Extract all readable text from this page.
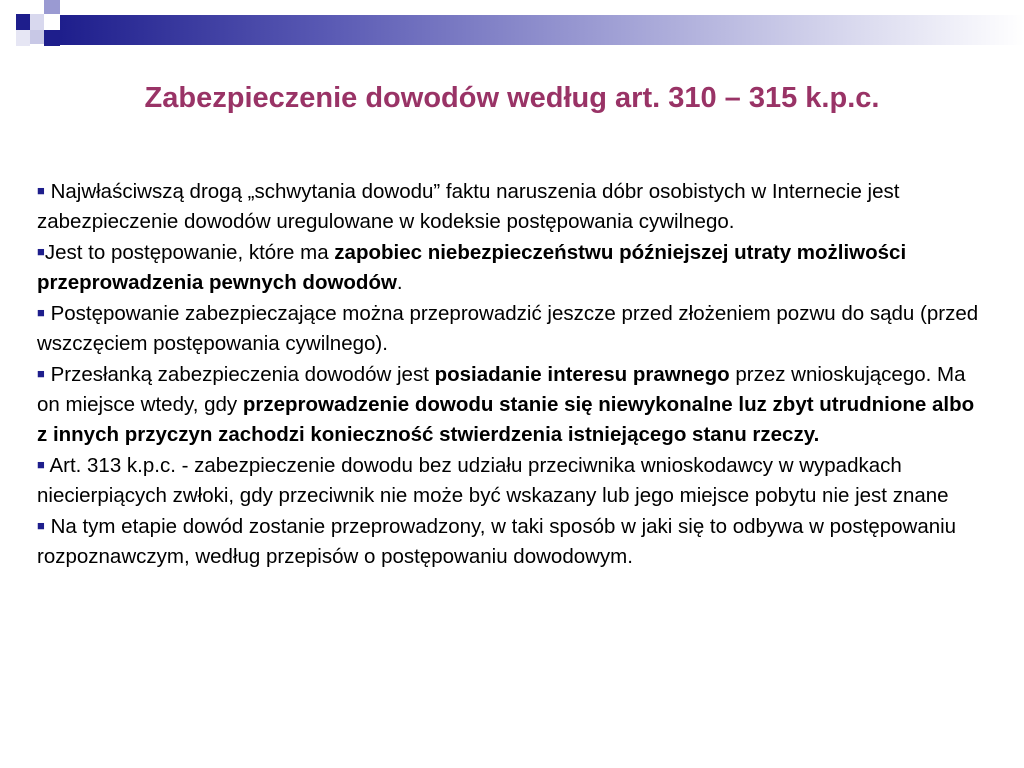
Zabezpieczenie dowodów według art. 310 – 315 k.p.c.

■ Najwłaściwszą drogą „schwytania dowodu” faktu naruszenia dóbr osobistych w Internecie jest zabezpieczenie dowodów uregulowane w kodeksie postępowania cywilnego.

■Jest to postępowanie, które ma zapobiec niebezpieczeństwu późniejszej utraty możliwości przeprowadzenia pewnych dowodów.

■ Postępowanie zabezpieczające można przeprowadzić jeszcze przed złożeniem pozwu do sądu (przed wszczęciem postępowania cywilnego).

■ Przesłanką zabezpieczenia dowodów jest posiadanie interesu prawnego przez wnioskującego. Ma on miejsce wtedy, gdy przeprowadzenie dowodu stanie się niewykonalne luz zbyt utrudnione albo z innych przyczyn zachodzi konieczność stwierdzenia istniejącego stanu rzeczy.

■ Art. 313 k.p.c. - zabezpieczenie dowodu bez udziału przeciwnika wnioskodawcy w wypadkach niecierpiących zwłoki, gdy przeciwnik nie może być wskazany lub jego miejsce pobytu nie jest znane

■ Na tym etapie dowód zostanie przeprowadzony, w taki sposób w jaki się to odbywa w postępowaniu rozpoznawczym, według przepisów o postępowaniu dowodowym.
